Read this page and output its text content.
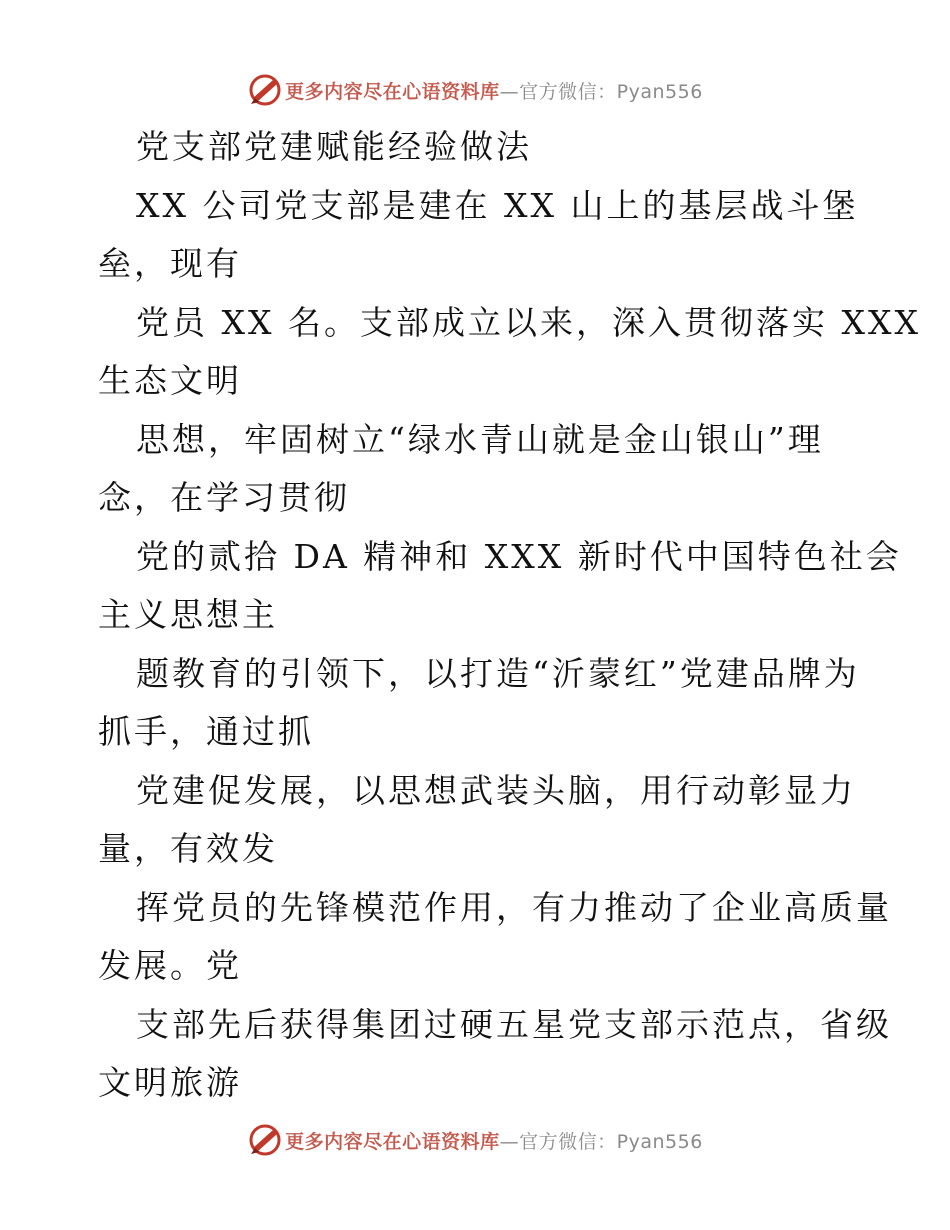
更多内容尽在心语资料库 —官方微信：Pyan556
党支部党建赋能经验做法
XX 公司党支部是建在 XX 山上的基层战斗堡
垒，现有
党员 XX 名。支部成立以来，深入贯彻落实 XXX
生态文明
思想，牢固树立“绿水青山就是金山银山”理
念，在学习贯彻
党的贰拾 DA 精神和 XXX 新时代中国特色社会
主义思想主
题教育的引领下，以打造“沂蒙红”党建品牌为
抓手，通过抓
党建促发展，以思想武装头脑，用行动彰显力
量，有效发
挥党员的先锋模范作用，有力推动了企业高质量
发展。党
支部先后获得集团过硬五星党支部示范点，省级
文明旅游
更多内容尽在心语资料库 —官方微信：Pyan556
